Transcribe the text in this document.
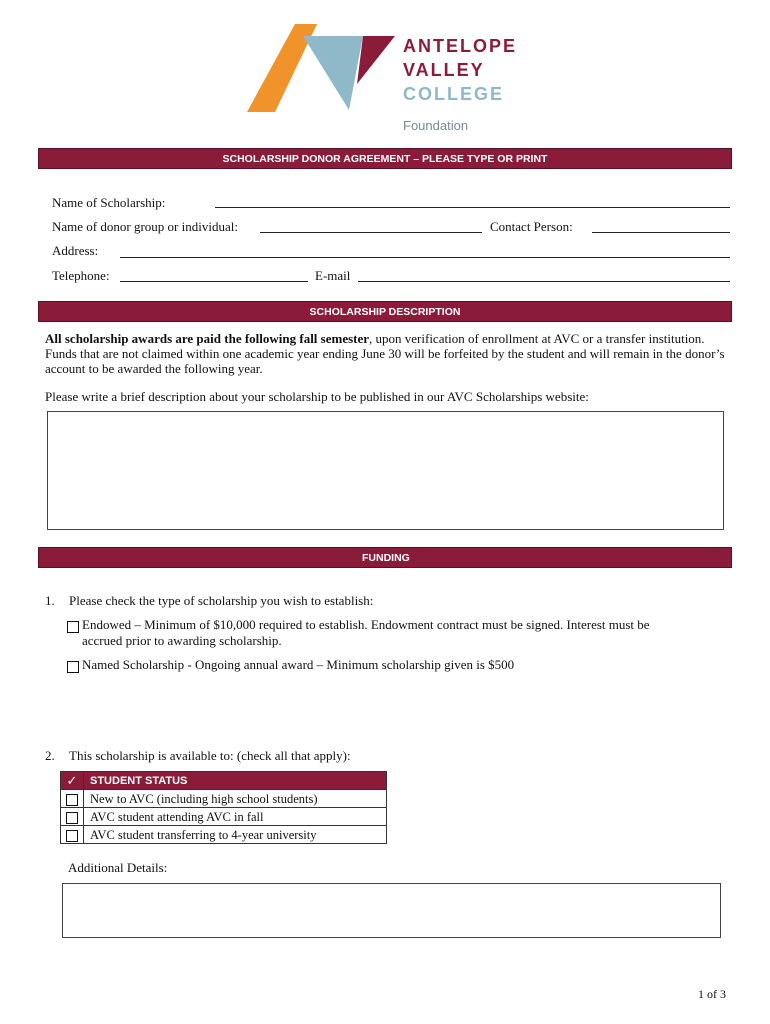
ANTELOPE
VALLEY
COLLEGE
Foundation
SCHOLARSHIP DONOR AGREEMENT – PLEASE TYPE OR PRINT
Name of Scholarship:
Name of donor group or individual:	Contact Person:
Address:
Telephone:	E-mail
SCHOLARSHIP DESCRIPTION
All scholarship awards are paid the following fall semester, upon verification of enrollment at AVC or a transfer institution. Funds that are not claimed within one academic year ending June 30 will be forfeited by the student and will remain in the donor’s account to be awarded the following year.
Please write a brief description about your scholarship to be published in our AVC Scholarships website:
FUNDING
1. Please check the type of scholarship you wish to establish:
Endowed – Minimum of $10,000 required to establish. Endowment contract must be signed. Interest must be
accrued prior to awarding scholarship.
Named Scholarship - Ongoing annual award – Minimum scholarship given is $500
2. This scholarship is available to: (check all that apply):
✓	STUDENT STATUS
	New to AVC (including high school students)
	AVC student attending AVC in fall
	AVC student transferring to 4-year university
Additional Details:
1 of 3
